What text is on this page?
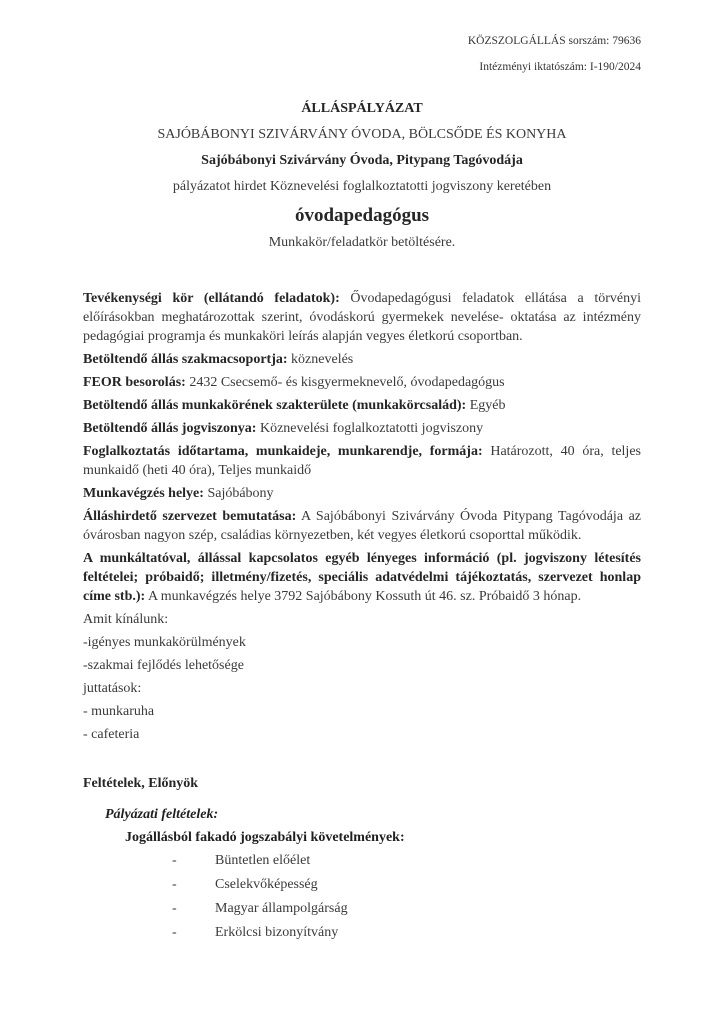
KÖZSZOLGÁLLÁS sorszám: 79636
Intézményi iktatószám: I-190/2024
ÁLLÁSPÁLYÁZAT
SAJÓBÁBONYI SZIVÁRVÁNY ÓVODA, BÖLCSŐDE ÉS KONYHA
Sajóbábonyi Szivárvány Óvoda, Pitypang Tagóvodája
pályázatot hirdet Köznevelési foglalkoztatotti jogviszony keretében
óvodapedagógus
Munkakör/feladatkör betöltésére.

Tevékenységi kör (ellátandó feladatok): Ővodapedagógusi feladatok ellátása a törvényi előírásokban meghatározottak szerint, óvodáskorú gyermekek nevelése- oktatása az intézmény pedagógiai programja és munkaköri leírás alapján vegyes életkorú csoportban.

Betöltendő állás szakmacsoportja: köznevelés

FEOR besorolás: 2432 Csecsemő- és kisgyermeknevelő, óvodapedagógus

Betöltendő állás munkakörének szakterülete (munkakörcsalád): Egyéb

Betöltendő állás jogviszonya: Köznevelési foglalkoztatotti jogviszony

Foglalkoztatás időtartama, munkaideje, munkarendje, formája: Határozott, 40 óra, teljes munkaidő (heti 40 óra), Teljes munkaidő

Munkavégzés helye: Sajóbábony

Álláshirdető szervezet bemutatása: A Sajóbábonyi Szivárvány Óvoda Pitypang Tagóvodája az óvárosban nagyon szép, családias környezetben, két vegyes életkorú csoporttal működik.

A munkáltatóval, állással kapcsolatos egyéb lényeges információ (pl. jogviszony létesítés feltételei; próbaidő; illetmény/fizetés, speciális adatvédelmi tájékoztatás, szervezet honlap címe stb.): A munkavégzés helye 3792 Sajóbábony Kossuth út 46. sz. Próbaidő 3 hónap.

Amit kínálunk:

-igényes munkakörülmények

-szakmai fejlődés lehetősége

juttatások:

- munkaruha

- cafeteria

Feltételek, Előnyök

Pályázati feltételek:

Jogállásból fakadó jogszabályi követelmények:

-	Büntetlen előélet
-	Cselekvőképesség
-	Magyar állampolgárság
-	Erkölcsi bizonyítvány
